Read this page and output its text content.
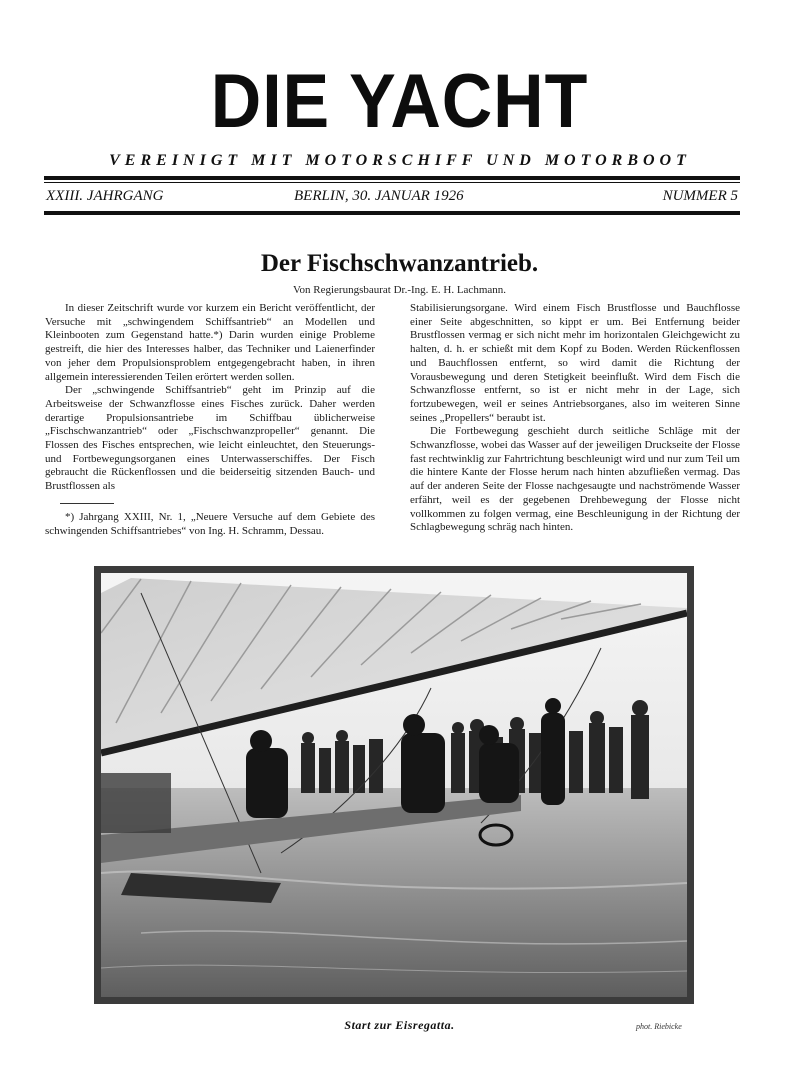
DIE YACHT
VEREINIGT MIT MOTORSCHIFF UND MOTORBOOT
XXIII. JAHRGANG	BERLIN, 30. JANUAR 1926	NUMMER 5
Der Fischschwanzantrieb.
Von Regierungsbaurat Dr.-Ing. E. H. Lachmann.

In dieser Zeitschrift wurde vor kurzem ein Bericht veröffentlicht, der Versuche mit „schwingendem Schiffsantrieb“ an Modellen und Kleinbooten zum Gegenstand hatte.*) Darin wurden einige Probleme gestreift, die hier des Interesses halber, das Techniker und Laienerfinder von jeher dem Propulsionsproblem entgegengebracht haben, in ihren allgemein interessierenden Teilen erörtert werden sollen.

Der „schwingende Schiffsantrieb“ geht im Prinzip auf die Arbeitsweise der Schwanzflosse eines Fisches zurück. Daher werden derartige Propulsionsantriebe im Schiffbau üblicherweise „Fischschwanzantrieb“ oder „Fischschwanzpropeller“ genannt. Die Flossen des Fisches entsprechen, wie leicht einleuchtet, den Steuerungs- und Fortbewegungsorganen eines Unterwasserschiffes. Der Fisch gebraucht die Rückenflossen und die beiderseitig sitzenden Bauch- und Brustflossen als

*) Jahrgang XXIII, Nr. 1, „Neuere Versuche auf dem Gebiete des schwingenden Schiffsantriebes“ von Ing. H. Schramm, Dessau.

Stabilisierungsorgane. Wird einem Fisch Brustflosse und Bauchflosse einer Seite abgeschnitten, so kippt er um. Bei Entfernung beider Brustflossen vermag er sich nicht mehr im horizontalen Gleichgewicht zu halten, d. h. er schießt mit dem Kopf zu Boden. Werden Rückenflossen und Bauchflossen entfernt, so wird damit die Richtung der Vorausbewegung und deren Stetigkeit beeinflußt. Wird dem Fisch die Schwanzflosse entfernt, so ist er nicht mehr in der Lage, sich fortzubewegen, weil er seines Antriebsorganes, also im weiteren Sinne seines „Propellers“ beraubt ist.

Die Fortbewegung geschieht durch seitliche Schläge mit der Schwanzflosse, wobei das Wasser auf der jeweiligen Druckseite der Flosse fast rechtwinklig zur Fahrtrichtung beschleunigt wird und nur zum Teil um die hintere Kante der Flosse herum nach hinten abzufließen vermag. Das auf der anderen Seite der Flosse nachgesaugte und nachströmende Wasser erfährt, weil es der gegebenen Drehbewegung der Flosse nicht vollkommen zu folgen vermag, eine Beschleunigung in der Richtung der Schlagbewegung schräg nach hinten.

Start zur Eisregatta.	phot. Riebicke
